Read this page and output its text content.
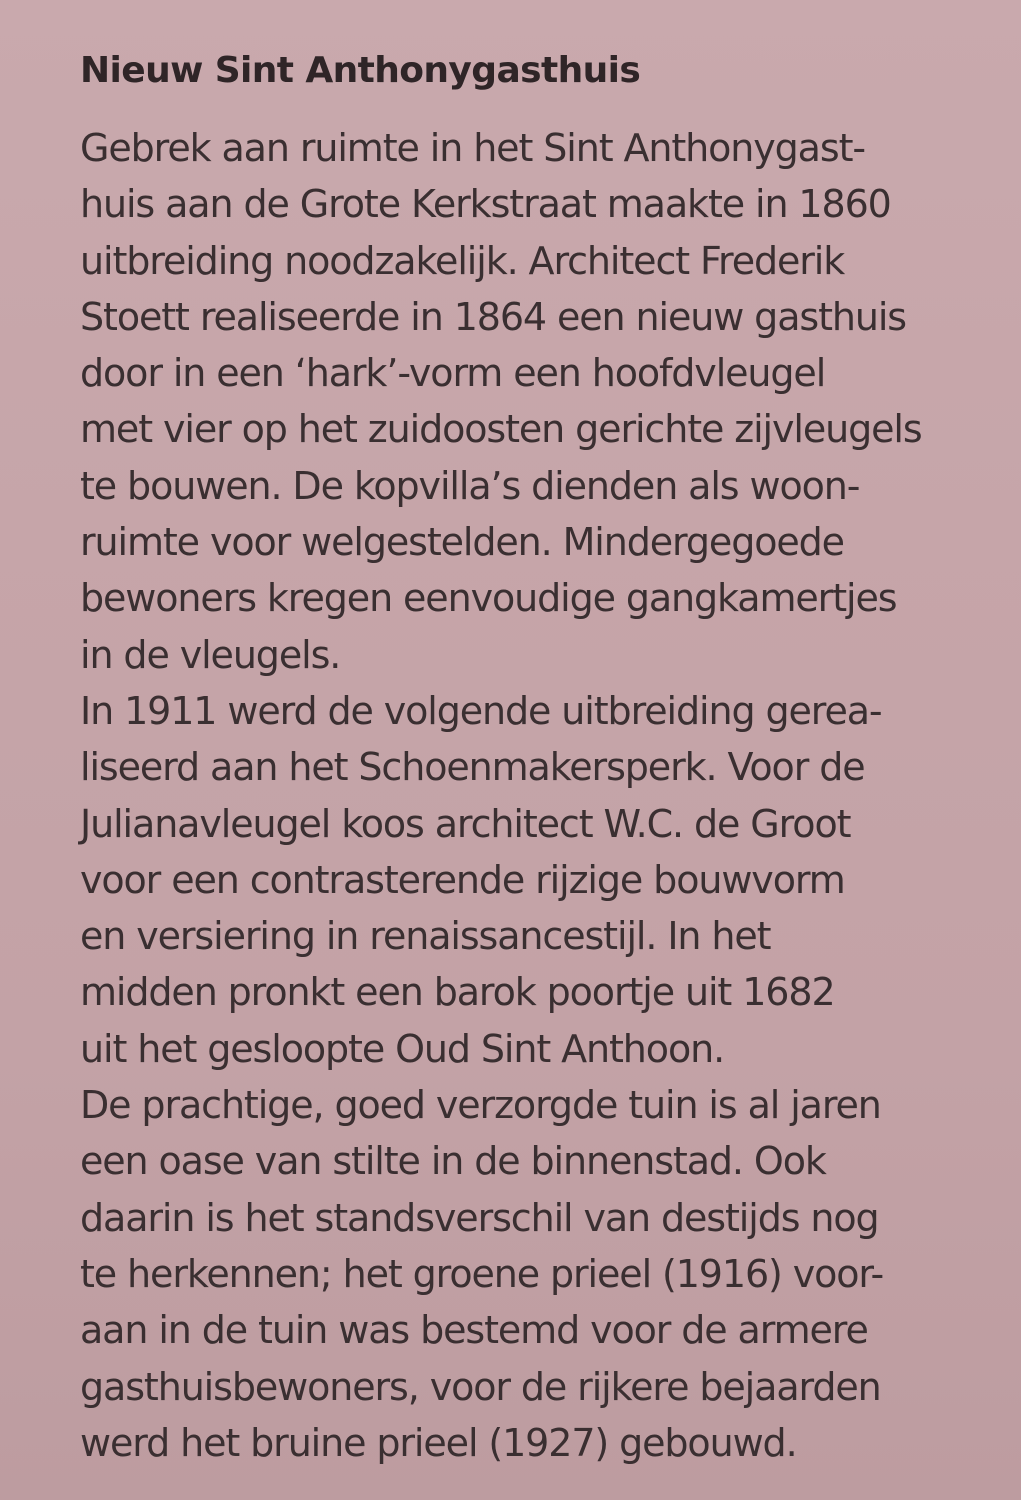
Nieuw Sint Anthonygasthuis
Gebrek aan ruimte in het Sint Anthonygast-
huis aan de Grote Kerkstraat maakte in 1860
uitbreiding noodzakelijk. Architect Frederik
Stoett realiseerde in 1864 een nieuw gasthuis
door in een ‘hark’-vorm een hoofdvleugel
met vier op het zuidoosten gerichte zijvleugels
te bouwen. De kopvilla’s dienden als woon-
ruimte voor welgestelden. Mindergegoede
bewoners kregen eenvoudige gangkamertjes
in de vleugels.
In 1911 werd de volgende uitbreiding gerea-
liseerd aan het Schoenmakersperk. Voor de
Julianavleugel koos architect W.C. de Groot
voor een contrasterende rijzige bouwvorm
en versiering in renaissancestijl. In het
midden pronkt een barok poortje uit 1682
uit het gesloopte Oud Sint Anthoon.
De prachtige, goed verzorgde tuin is al jaren
een oase van stilte in de binnenstad. Ook
daarin is het standsverschil van destijds nog
te herkennen; het groene prieel (1916) voor-
aan in de tuin was bestemd voor de armere
gasthuisbewoners, voor de rijkere bejaarden
werd het bruine prieel (1927) gebouwd.
